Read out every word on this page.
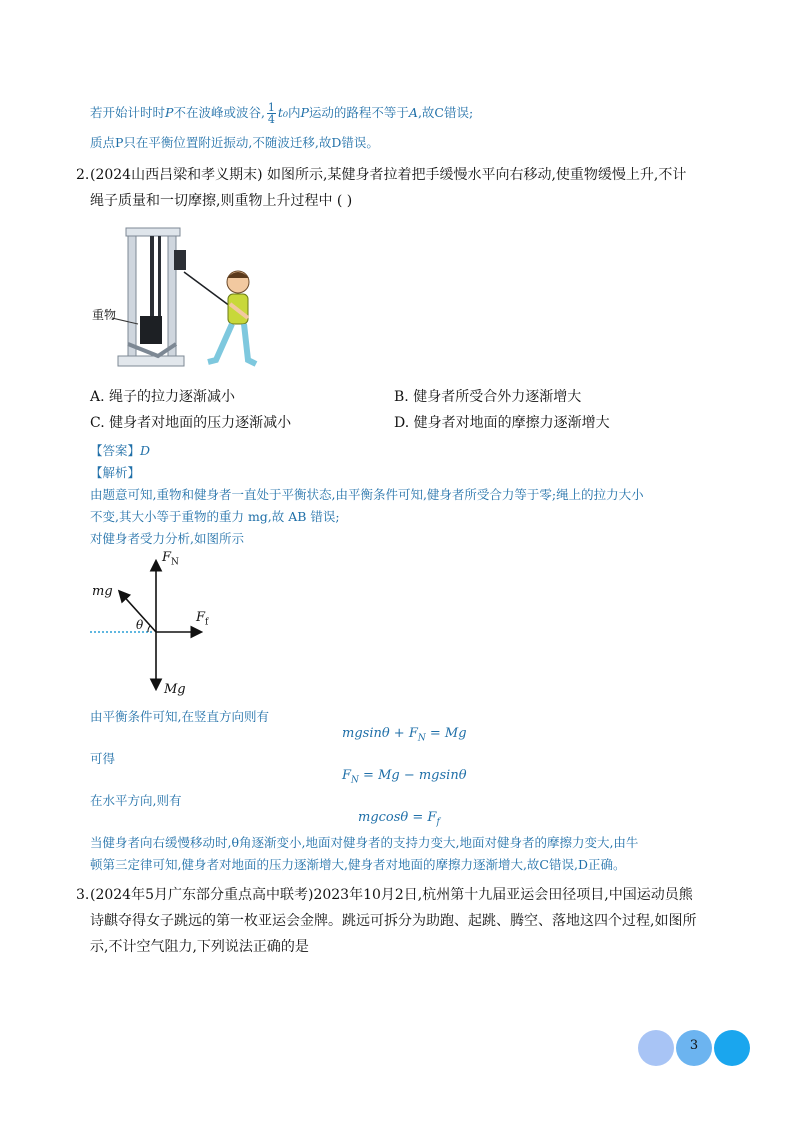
若开始计时时P不在波峰或波谷, $\frac{1}{4} t_0$内P运动的路程不等于A,故C错误;
质点P只在平衡位置附近振动,不随波迁移,故D错误。
2. (2024山西吕梁和孝义期末) 如图所示,某健身者拉着把手缓慢水平向右移动,使重物缓慢上升,不计
绳子质量和一切摩擦,则重物上升过程中 ( )
重物
A. 绳子的拉力逐渐减小	B. 健身者所受合外力逐渐增大
C. 健身者对地面的压力逐渐减小	D. 健身者对地面的摩擦力逐渐增大
【答案】D
【解析】
由题意可知,重物和健身者一直处于平衡状态,由平衡条件可知,健身者所受合力等于零;绳上的拉力大小
不变,其大小等于重物的重力 mg,故 AB 错误;
对健身者受力分析,如图所示
$F_N$
mg
$F_f$
θ
Mg
由平衡条件可知,在竖直方向则有
$mgsin\theta + F_N = Mg$
可得
$F_N = Mg - mgsin\theta$
在水平方向,则有
$mgcos\theta = F_f$
当健身者向右缓慢移动时,θ角逐渐变小,地面对健身者的支持力变大,地面对健身者的摩擦力变大,由牛
顿第三定律可知,健身者对地面的压力逐渐增大,健身者对地面的摩擦力逐渐增大,故C错误,D正确。
3. (2024年5月广东部分重点高中联考)2023年10月2日,杭州第十九届亚运会田径项目,中国运动员熊
诗麒夺得女子跳远的第一枚亚运会金牌。跳远可拆分为助跑、起跳、腾空、落地这四个过程,如图所
示,不计空气阻力,下列说法正确的是
3
